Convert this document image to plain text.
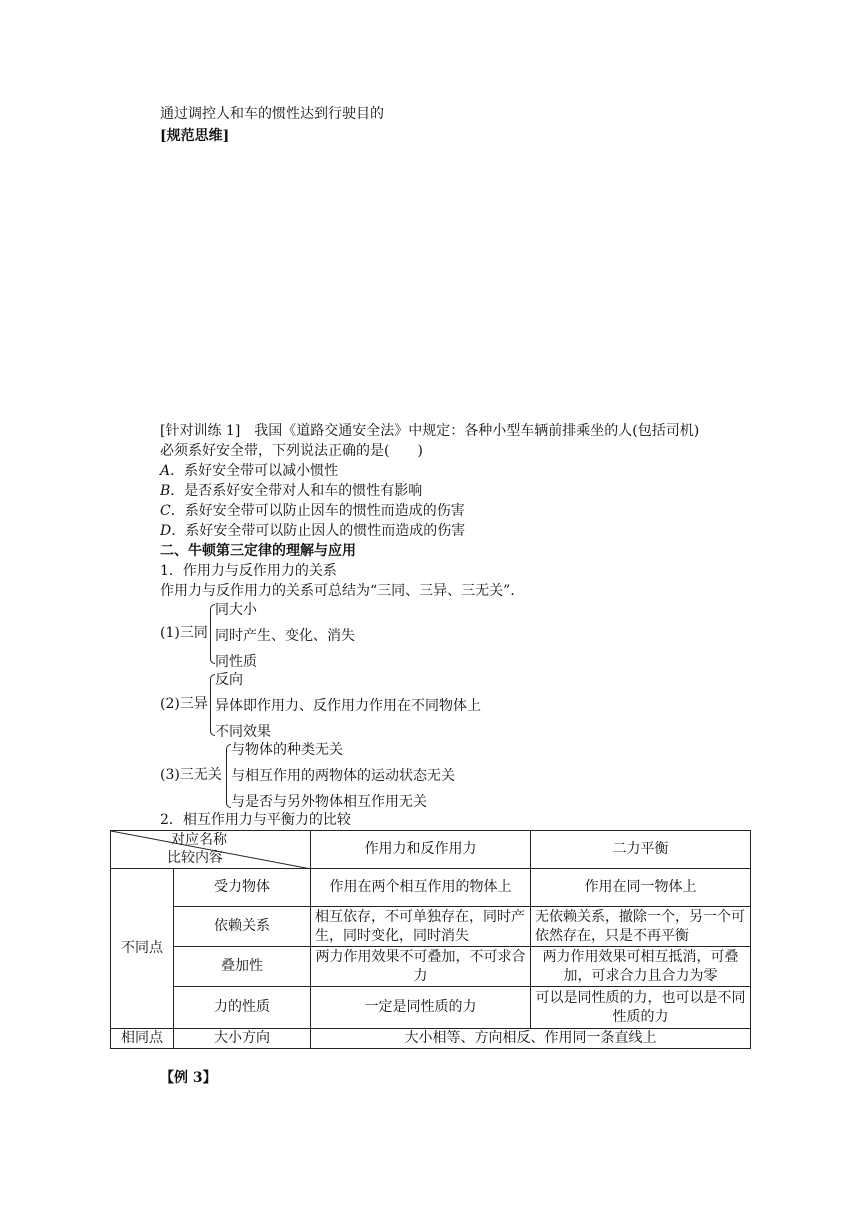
通过调控人和车的惯性达到行驶目的
[规范思维]
[针对训练 1]　 我国《道路交通安全法》中规定：各种小型车辆前排乘坐的人(包括司机)
必须系好安全带，下列说法正确的是(　　)
A．系好安全带可以减小惯性
B．是否系好安全带对人和车的惯性有影响
C．系好安全带可以防止因车的惯性而造成的伤害
D．系好安全带可以防止因人的惯性而造成的伤害
二、牛顿第三定律的理解与应用
1．作用力与反作用力的关系
作用力与反作用力的关系可总结为“三同、三异、三无关”．
(1)三同
同大小
同时产生、变化、消失
同性质
(2)三异
反向
异体即作用力、反作用力作用在不同物体上
不同效果
(3)三无关
与物体的种类无关
与相互作用的两物体的运动状态无关
与是否与另外物体相互作用无关
2．相互作用力与平衡力的比较
对应名称
比较内容		作用力和反作用力	二力平衡
不同点	受力物体	作用在两个相互作用的物体上	作用在同一物体上
	依赖关系	相互依存，不可单独存在，同时产生，同时变化，同时消失	无依赖关系，撤除一个，另一个可依然存在，只是不再平衡
	叠加性	两力作用效果不可叠加，不可求合力	两力作用效果可相互抵消，可叠加，可求合力且合力为零
	力的性质	一定是同性质的力	可以是同性质的力，也可以是不同性质的力
相同点	大小方向	大小相等、方向相反、作用同一条直线上	
【例 3】
